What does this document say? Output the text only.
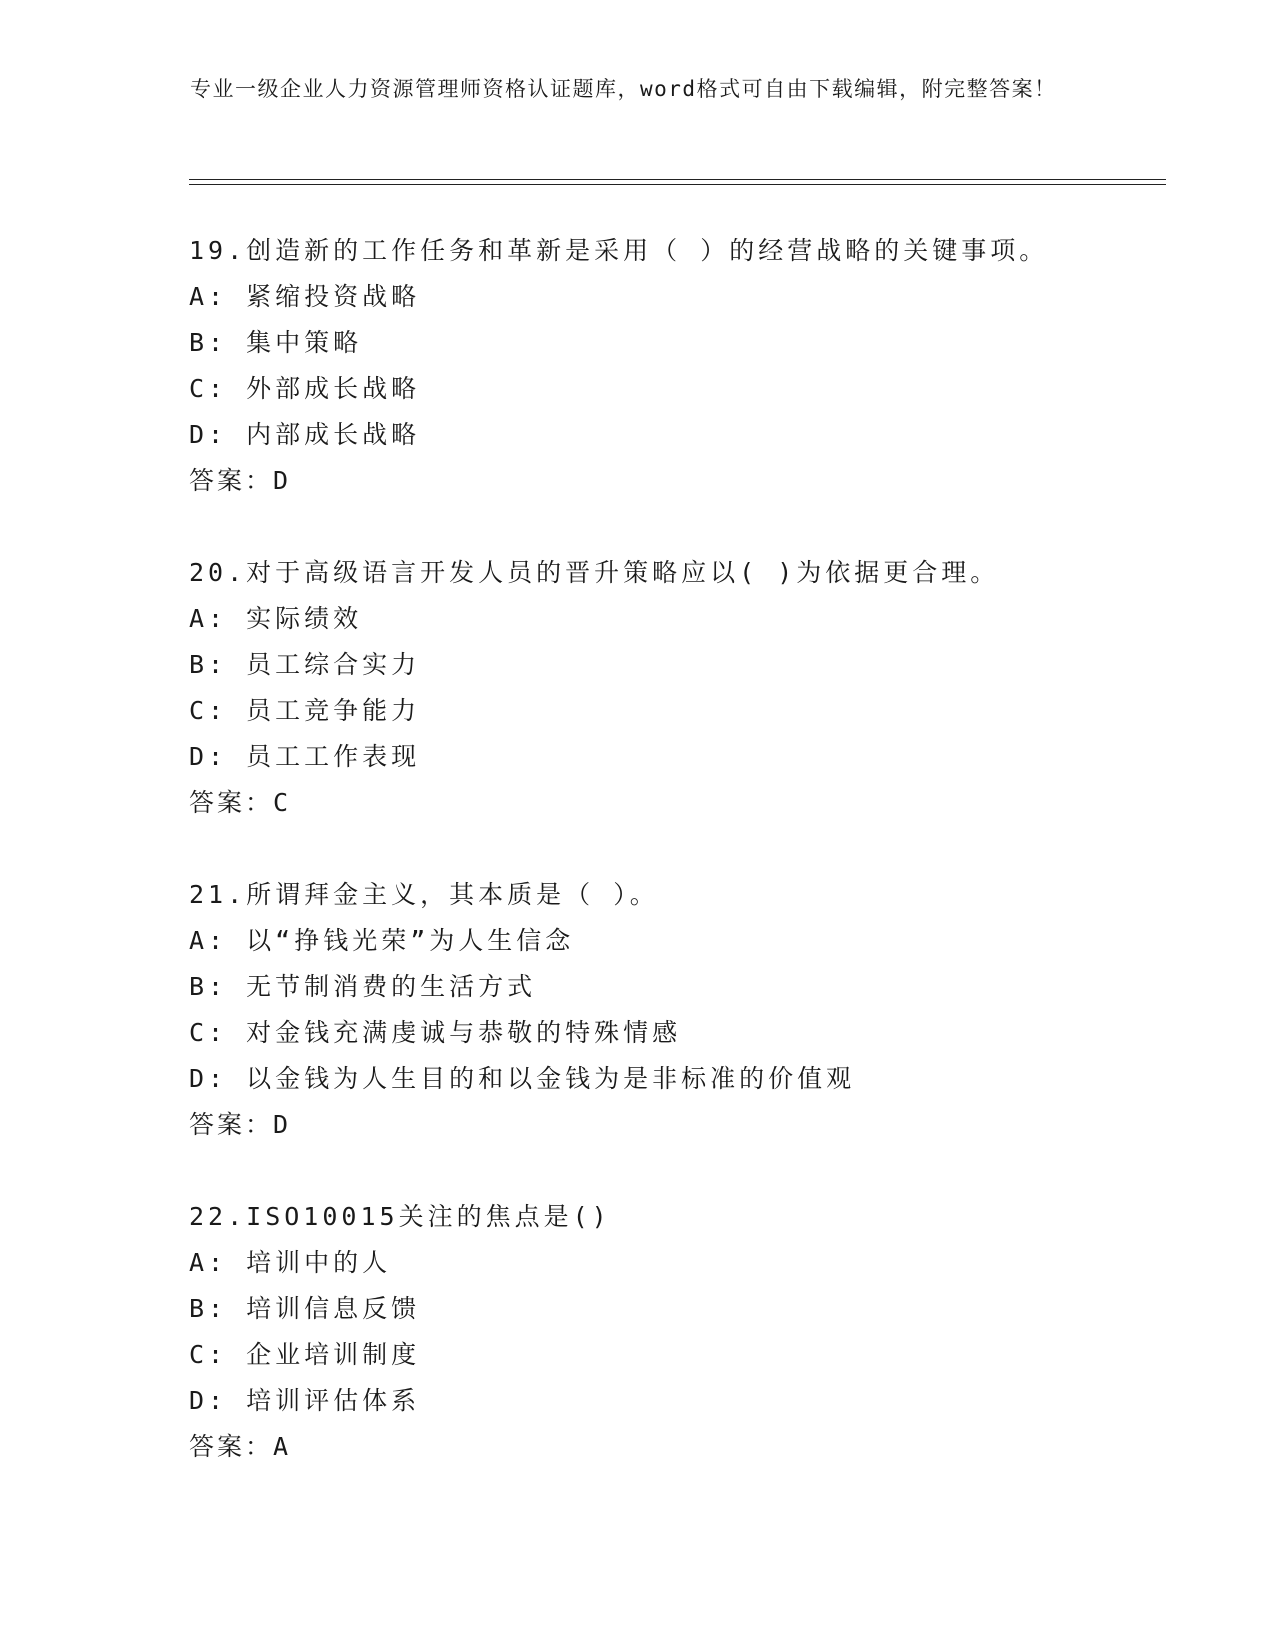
专业一级企业人力资源管理师资格认证题库，word格式可自由下载编辑，附完整答案！
19.创造新的工作任务和革新是采用（ ）的经营战略的关键事项。
A: 紧缩投资战略
B: 集中策略
C: 外部成长战略
D: 内部成长战略
答案：D
20.对于高级语言开发人员的晋升策略应以( )为依据更合理。
A: 实际绩效
B: 员工综合实力
C: 员工竞争能力
D: 员工工作表现
答案：C
21.所谓拜金主义，其本质是（ ）。
A: 以“挣钱光荣”为人生信念
B: 无节制消费的生活方式
C: 对金钱充满虔诚与恭敬的特殊情感
D: 以金钱为人生目的和以金钱为是非标准的价值观
答案：D
22.ISO10015关注的焦点是()
A: 培训中的人
B: 培训信息反馈
C: 企业培训制度
D: 培训评估体系
答案：A
